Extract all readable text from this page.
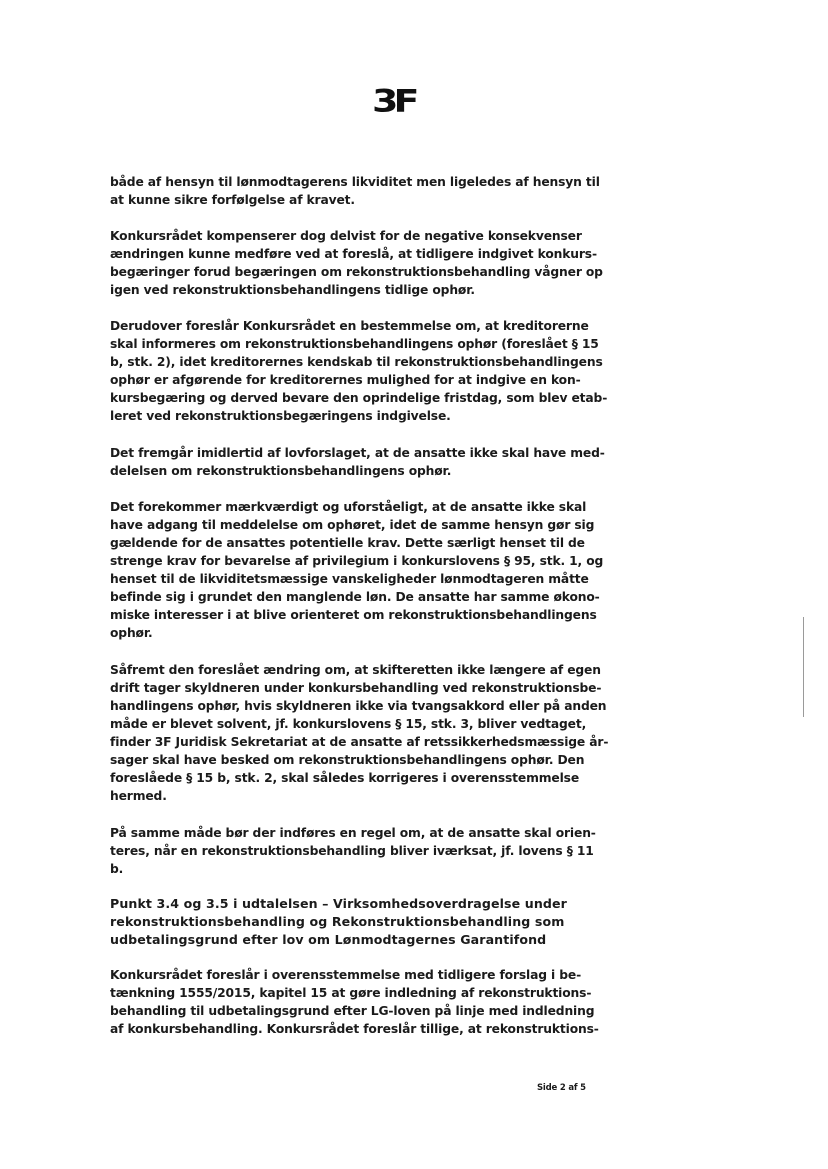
3F

både af hensyn til lønmodtagerens likviditet men ligeledes af hensyn til
at kunne sikre forfølgelse af kravet.

Konkursrådet kompenserer dog delvist for de negative konsekvenser
ændringen kunne medføre ved at foreslå, at tidligere indgivet konkurs-
begæringer forud begæringen om rekonstruktionsbehandling vågner op
igen ved rekonstruktionsbehandlingens tidlige ophør.

Derudover foreslår Konkursrådet en bestemmelse om, at kreditorerne
skal informeres om rekonstruktionsbehandlingens ophør (foreslået § 15
b, stk. 2), idet kreditorernes kendskab til rekonstruktionsbehandlingens
ophør er afgørende for kreditorernes mulighed for at indgive en kon-
kursbegæring og derved bevare den oprindelige fristdag, som blev etab-
leret ved rekonstruktionsbegæringens indgivelse.

Det fremgår imidlertid af lovforslaget, at de ansatte ikke skal have med-
delelsen om rekonstruktionsbehandlingens ophør.

Det forekommer mærkværdigt og uforståeligt, at de ansatte ikke skal
have adgang til meddelelse om ophøret, idet de samme hensyn gør sig
gældende for de ansattes potentielle krav. Dette særligt henset til de
strenge krav for bevarelse af privilegium i konkurslovens § 95, stk. 1, og
henset til de likviditetsmæssige vanskeligheder lønmodtageren måtte
befinde sig i grundet den manglende løn. De ansatte har samme økono-
miske interesser i at blive orienteret om rekonstruktionsbehandlingens
ophør.

Såfremt den foreslået ændring om, at skifteretten ikke længere af egen
drift tager skyldneren under konkursbehandling ved rekonstruktionsbe-
handlingens ophør, hvis skyldneren ikke via tvangsakkord eller på anden
måde er blevet solvent, jf. konkurslovens § 15, stk. 3, bliver vedtaget,
finder 3F Juridisk Sekretariat at de ansatte af retssikkerhedsmæssige år-
sager skal have besked om rekonstruktionsbehandlingens ophør. Den
foreslåede § 15 b, stk. 2, skal således korrigeres i overensstemmelse
hermed.

På samme måde bør der indføres en regel om, at de ansatte skal orien-
teres, når en rekonstruktionsbehandling bliver iværksat, jf. lovens § 11
b.

Punkt 3.4 og 3.5 i udtalelsen – Virksomhedsoverdragelse under
rekonstruktionsbehandling og Rekonstruktionsbehandling som
udbetalingsgrund efter lov om Lønmodtagernes Garantifond

Konkursrådet foreslår i overensstemmelse med tidligere forslag i be-
tænkning 1555/2015, kapitel 15 at gøre indledning af rekonstruktions-
behandling til udbetalingsgrund efter LG-loven på linje med indledning
af konkursbehandling. Konkursrådet foreslår tillige, at rekonstruktions-

Side 2 af 5
